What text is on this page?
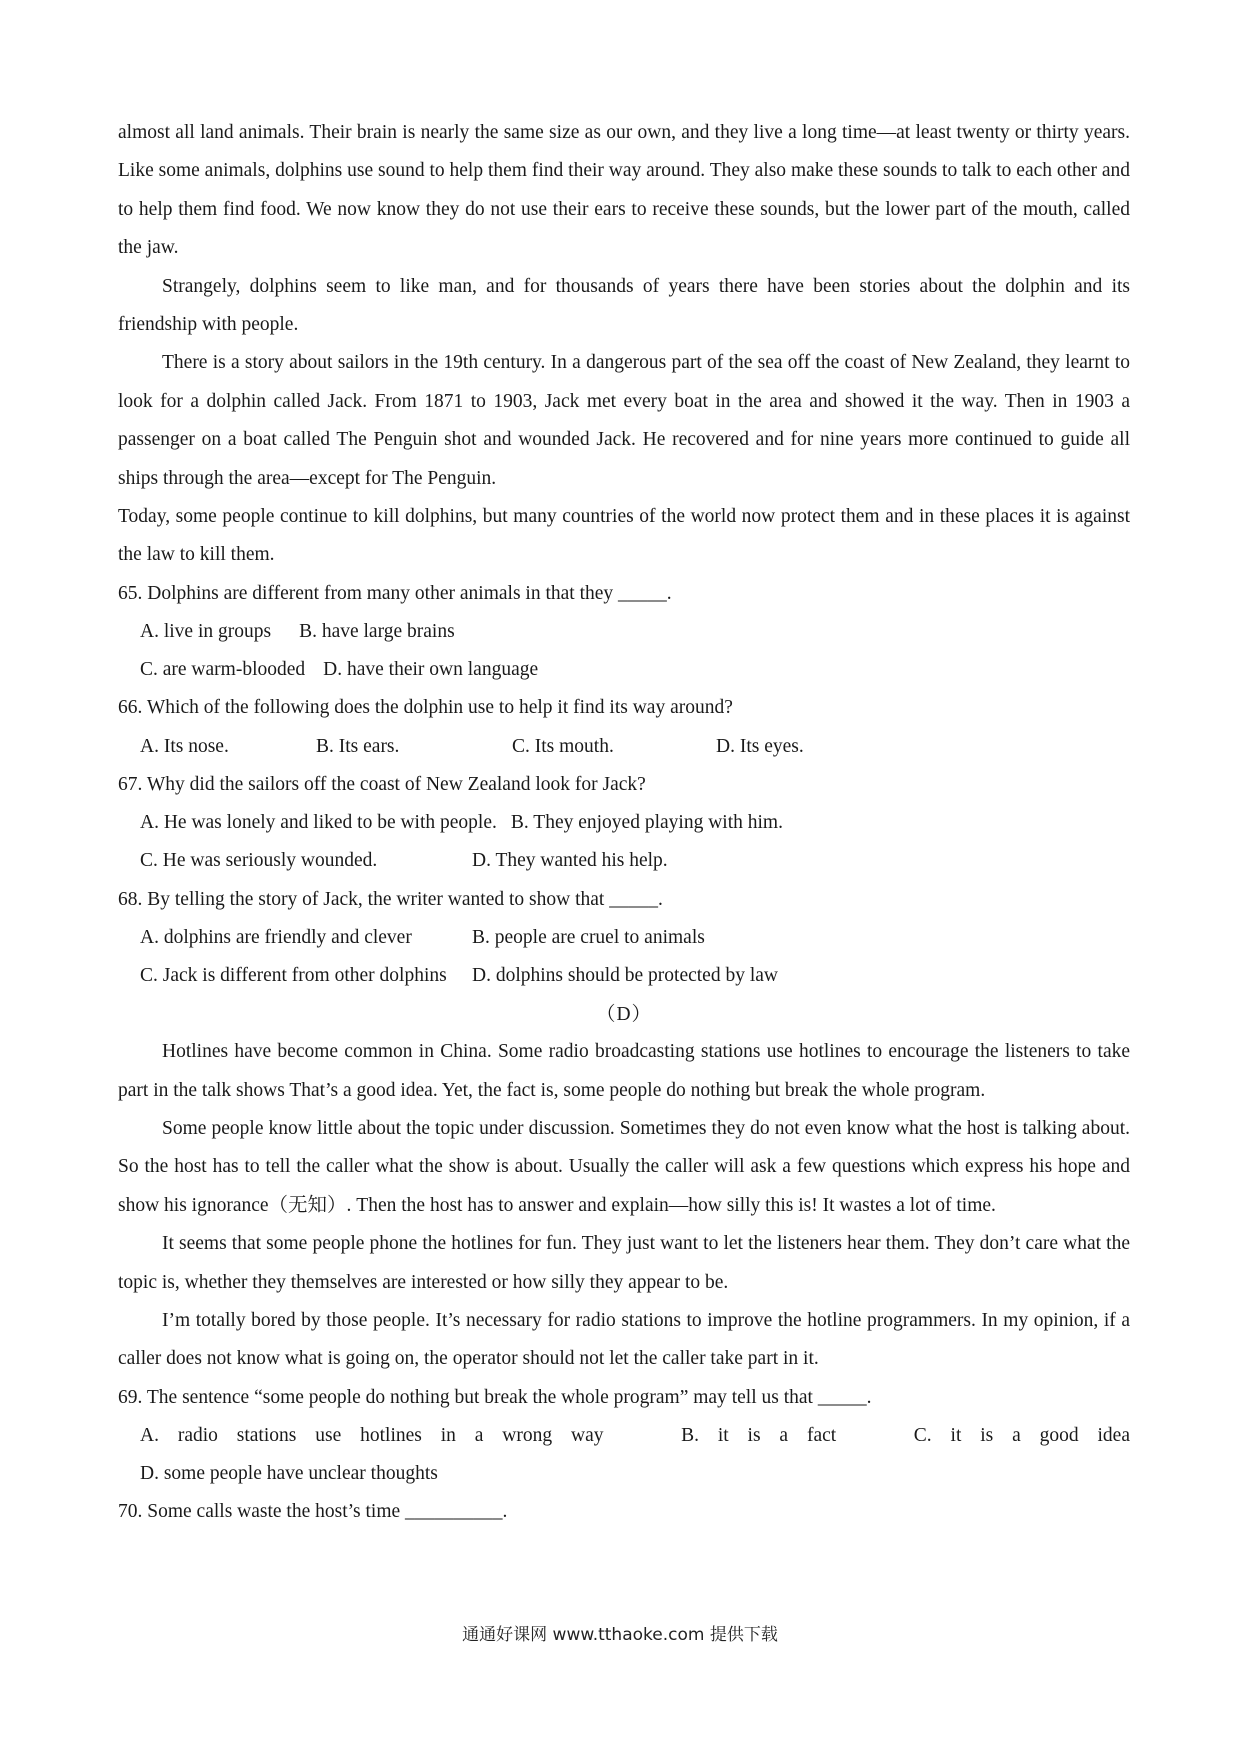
almost all land animals. Their brain is nearly the same size as our own, and they live a long time—at least twenty or thirty years. Like some animals, dolphins use sound to help them find their way around. They also make these sounds to talk to each other and to help them find food. We now know they do not use their ears to receive these sounds, but the lower part of the mouth, called the jaw.

Strangely, dolphins seem to like man, and for thousands of years there have been stories about the dolphin and its friendship with people.

There is a story about sailors in the 19th century. In a dangerous part of the sea off the coast of New Zealand, they learnt to look for a dolphin called Jack. From 1871 to 1903, Jack met every boat in the area and showed it the way. Then in 1903 a passenger on a boat called The Penguin shot and wounded Jack. He recovered and for nine years more continued to guide all ships through the area—except for The Penguin.

Today, some people continue to kill dolphins, but many countries of the world now protect them and in these places it is against the law to kill them.

65. Dolphins are different from many other animals in that they _____.

A. live in groups B. have large brains
C. are warm-blooded D. have their own language

66. Which of the following does the dolphin use to help it find its way around?

A. Its nose.	B. Its ears.	C. Its mouth.	D. Its eyes.

67. Why did the sailors off the coast of New Zealand look for Jack?

A. He was lonely and liked to be with people. B. They enjoyed playing with him.
C. He was seriously wounded.	D. They wanted his help.

68. By telling the story of Jack, the writer wanted to show that _____.

A. dolphins are friendly and clever	B. people are cruel to animals
C. Jack is different from other dolphins	D. dolphins should be protected by law

（D）

Hotlines have become common in China. Some radio broadcasting stations use hotlines to encourage the listeners to take part in the talk shows That’s a good idea. Yet, the fact is, some people do nothing but break the whole program.

Some people know little about the topic under discussion. Sometimes they do not even know what the host is talking about. So the host has to tell the caller what the show is about. Usually the caller will ask a few questions which express his hope and show his ignorance（无知）. Then the host has to answer and explain—how silly this is! It wastes a lot of time.

It seems that some people phone the hotlines for fun. They just want to let the listeners hear them. They don’t care what the topic is, whether they themselves are interested or how silly they appear to be.

I’m totally bored by those people. It’s necessary for radio stations to improve the hotline programmers. In my opinion, if a caller does not know what is going on, the operator should not let the caller take part in it.

69. The sentence “some people do nothing but break the whole program” may tell us that _____.

A. radio stations use hotlines in a wrong way	B. it is a fact	C. it is a good idea
D. some people have unclear thoughts

70. Some calls waste the host’s time __________.

通通好课网 www.tthaoke.com 提供下载
